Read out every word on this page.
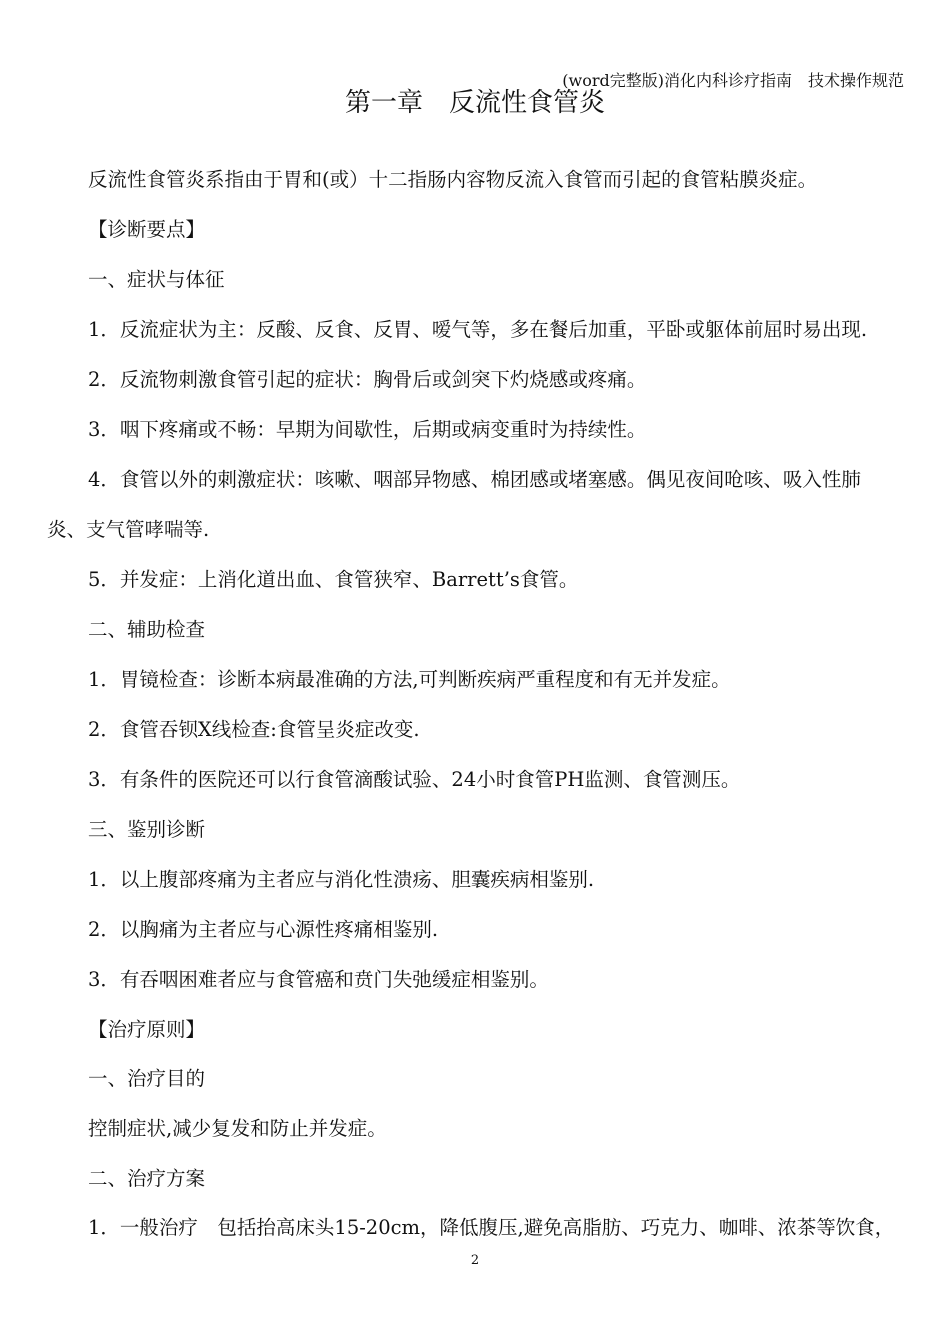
(word完整版)消化内科诊疗指南　技术操作规范
第一章　反流性食管炎
反流性食管炎系指由于胃和(或）十二指肠内容物反流入食管而引起的食管粘膜炎症。
【诊断要点】
一、症状与体征
1．反流症状为主：反酸、反食、反胃、嗳气等，多在餐后加重，平卧或躯体前屈时易出现.
2．反流物刺激食管引起的症状：胸骨后或剑突下灼烧感或疼痛。
3．咽下疼痛或不畅：早期为间歇性，后期或病变重时为持续性。
4．食管以外的刺激症状：咳嗽、咽部异物感、棉团感或堵塞感。偶见夜间呛咳、吸入性肺
炎、支气管哮喘等.
5．并发症：上消化道出血、食管狭窄、Barrett’s食管。
二、辅助检查
1．胃镜检查：诊断本病最准确的方法,可判断疾病严重程度和有无并发症。
2．食管吞钡X线检查:食管呈炎症改变.
3．有条件的医院还可以行食管滴酸试验、24小时食管PH监测、食管测压。
三、鉴别诊断
1．以上腹部疼痛为主者应与消化性溃疡、胆囊疾病相鉴别.
2．以胸痛为主者应与心源性疼痛相鉴别.
3．有吞咽困难者应与食管癌和贲门失弛缓症相鉴别。
【治疗原则】
一、治疗目的
控制症状,减少复发和防止并发症。
二、治疗方案
1．一般治疗　包括抬高床头15-20cm，降低腹压,避免高脂肪、巧克力、咖啡、浓茶等饮食，
2
